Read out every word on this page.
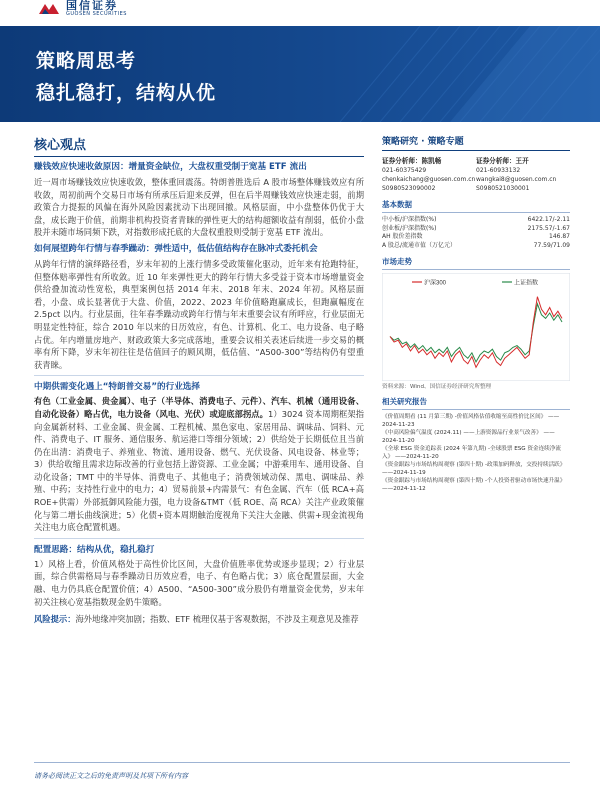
国信证券
GUOSEN SECURITIES
策略周思考
稳扎稳打，结构从优
核心观点
赚钱效应快速收敛原因：增量资金缺位，大盘权重受制于宽基 ETF 流出

近一周市场赚钱效应快速收敛，整体重回震荡。特朗普胜选后 A 股市场整体赚钱效应有所收敛，周初前两个交易日市场有所承压后迎来反弹，但在后半周赚钱效应快速走弱，前期政策合力提振的风偏在海外风险因素扰动下出现回撤。风格层面，中小盘整体仍优于大盘，成长跑于价值，前期非机构投资者青睐的弹性更大的结构超额收益有削弱，低价小盘股并未随市场同频下跌，对指数形成托底的大盘权重股则受制于宽基 ETF 流出。

如何展望跨年行情与春季躁动：弹性适中，低估值结构存在脉冲式委托机会

从跨年行情的演绎路径看，岁末年初的上涨行情多受政策催化驱动，近年来有抢跑特征，但整体赔率弹性有所收敛。近 10 年来弹性更大的跨年行情大多受益于资本市场增量资金供给叠加流动性宽松，典型案例包括 2014 年末、2018 年末、2024 年初。风格层面看，小盘、成长显著优于大盘、价值，2022、2023 年价值略跑赢成长，但跑赢幅度在 2.5pct 以内。行业层面，往年春季躁动或跨年行情与年末重要会议有所呼应，行业层面无明显定性特征，综合 2010 年以来的日历效应，有色、计算机、化工、电力设备、电子略占优。年内增量房地产、财政政策大多完成落地，重要会议相关表述后续进一步交易的概率有所下降，岁末年初往往是估值回子的顾风期，低估值、“A500-300”等结构仍有望重获青睐。

中期供需变化遇上“特朗普交易”的行业选择

有色（工业金属、贵金属）、电子（半导体、消费电子、元件）、汽车、机械（通用设备、自动化设备）略占优，电力设备（风电、光伏）或迎底部拐点。1）3024 资本周期框架指向金属新材料、工业金属、贵金属、工程机械、黑色家电、家居用品、调味品、饲料、元件、消费电子、IT 服务、通信服务、航运港口等细分领域；2）供给处于长期低位且当前仍在出清：消费电子、养殖业、物流、通用设备、燃气、光伏设备、风电设备、林业等；3）供给收缩且需求边际改善的行业包括上游资源、工业金属；中游乘用车、通用设备、自动化设备；TMT 中的半导体、消费电子、其他电子；消费领域动保、黑电、调味品、养殖、中药；支持性行业中的电力；4）贸易前景+内需景气：有色金属、汽车（低 RCA+高 ROE+供需）外部抵御风险能力强，电力设备&TMT（低 ROE、高 RCA）关注产业政策催化与第二增长曲线演进；5）化债+资本周期触治度视角下关注大金融、供需+现金流视角关注电力底仓配置机遇。

配置思路：结构从优，稳扎稳打

1）风格上看，价值风格处于高性价比区间，大盘价值胜率优势或逐步显现；2）行业层面，综合供需格局与春季躁动日历效应看，电子、有色略占优；3）底仓配置层面，大金融、电力仍具底仓配置价值；4）A500、“A500-300”成分股仍有增量资金优势，岁末年初关注核心宽基指数现金奶牛策略。

风险提示：海外地缘冲突加剧；指数、ETF 梳理仅基于客观数据，不涉及主观意见及推荐

策略研究 · 策略专题
证券分析师：陈凯畅
021-60375429
chenkaichang@guosen.com.cn
S0980523090002
证券分析师：王开
021-60933132
wangkai8@guosen.com.cn
S0980521030001
基本数据
中小板/沪深指数(%)	6422.17/-2.11
创业板/沪深指数(%)	2175.57/-1.67
AH 股价差指数	146.87
A 股总/流通市值（万亿元）	77.59/71.09
市场走势
沪深300	上证指数
资料来源：Wind、国信证券经济研究所整理
相关研究报告
《价值周期看 (11 月第三期) -价值风格估值收缩至高性价比区间》 ——2024-11-23
《中高风险偏气温度 (2024.11) ——上游资源品行业景气改善》 ——2024-11-20
《全球 ESG 资金追踪表 (2024 年第九期) -全球股票 ESG 资金连续净流入》 ——2024-11-20
《资金跟踪与市场结构周观察 (第四十期) -政策加码释放，交投持续活跃》 ——2024-11-19
《资金跟踪与市场结构周观察 (第四十期) -个人投资者驱动市场快速升温》 ——2024-11-12
请务必阅读正文之后的免责声明及其项下所有内容
